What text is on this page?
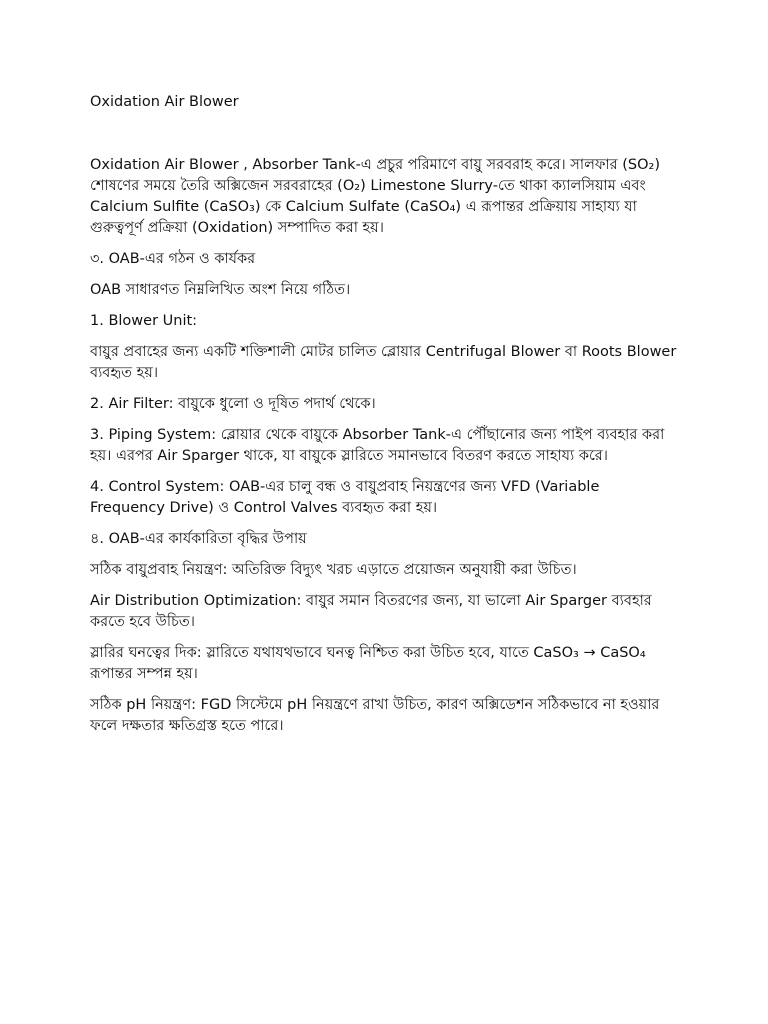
Oxidation Air Blower
Oxidation Air Blower , Absorber Tank-এ প্রচুর পরিমাণে বায়ু সরবরাহ করে। সালফার (SO₂) শোষণের সময়ে তৈরি অক্সিজেন সরবরাহের (O₂) Limestone Slurry-তে থাকা ক্যালসিয়াম এবং Calcium Sulfite (CaSO₃) কে Calcium Sulfate (CaSO₄) এ রূপান্তর প্রক্রিয়ায় সাহায্য যা গুরুত্বপূর্ণ প্রক্রিয়া (Oxidation) সম্পাদিত করা হয়।
৩. OAB-এর গঠন ও কার্যকর
OAB সাধারণত নিম্নলিখিত অংশ নিয়ে গঠিত।
1. Blower Unit:
বায়ুর প্রবাহের জন্য একটি শক্তিশালী মোটর চালিত ব্লোয়ার Centrifugal Blower বা Roots Blower ব্যবহৃত হয়।
2. Air Filter: বায়ুকে ধুলো ও দূষিত পদার্থ থেকে।
3. Piping System: ব্লোয়ার থেকে বায়ুকে Absorber Tank-এ পৌঁছানোর জন্য পাইপ ব্যবহার করা হয়। এরপর Air Sparger থাকে, যা বায়ুকে স্লারিতে সমানভাবে বিতরণ করতে সাহায্য করে।
4. Control System: OAB-এর চালু বন্ধ ও বায়ুপ্রবাহ নিয়ন্ত্রণের জন্য VFD (Variable Frequency Drive) ও Control Valves ব্যবহৃত করা হয়।
৪. OAB-এর কার্যকারিতা বৃদ্ধির উপায়
সঠিক বায়ুপ্রবাহ নিয়ন্ত্রণ: অতিরিক্ত বিদ্যুৎ খরচ এড়াতে প্রয়োজন অনুযায়ী করা উচিত।
Air Distribution Optimization: বায়ুর সমান বিতরণের জন্য, যা ভালো Air Sparger ব্যবহার করতে হবে উচিত।
স্লারির ঘনত্বের দিক: স্লারিতে যথাযথভাবে ঘনত্ব নিশ্চিত করা উচিত হবে, যাতে CaSO₃ → CaSO₄ রূপান্তর সম্পন্ন হয়।
সঠিক pH নিয়ন্ত্রণ: FGD সিস্টেমে pH নিয়ন্ত্রণে রাখা উচিত, কারণ অক্সিডেশন সঠিকভাবে না হওয়ার ফলে দক্ষতার ক্ষতিগ্রস্ত হতে পারে।
